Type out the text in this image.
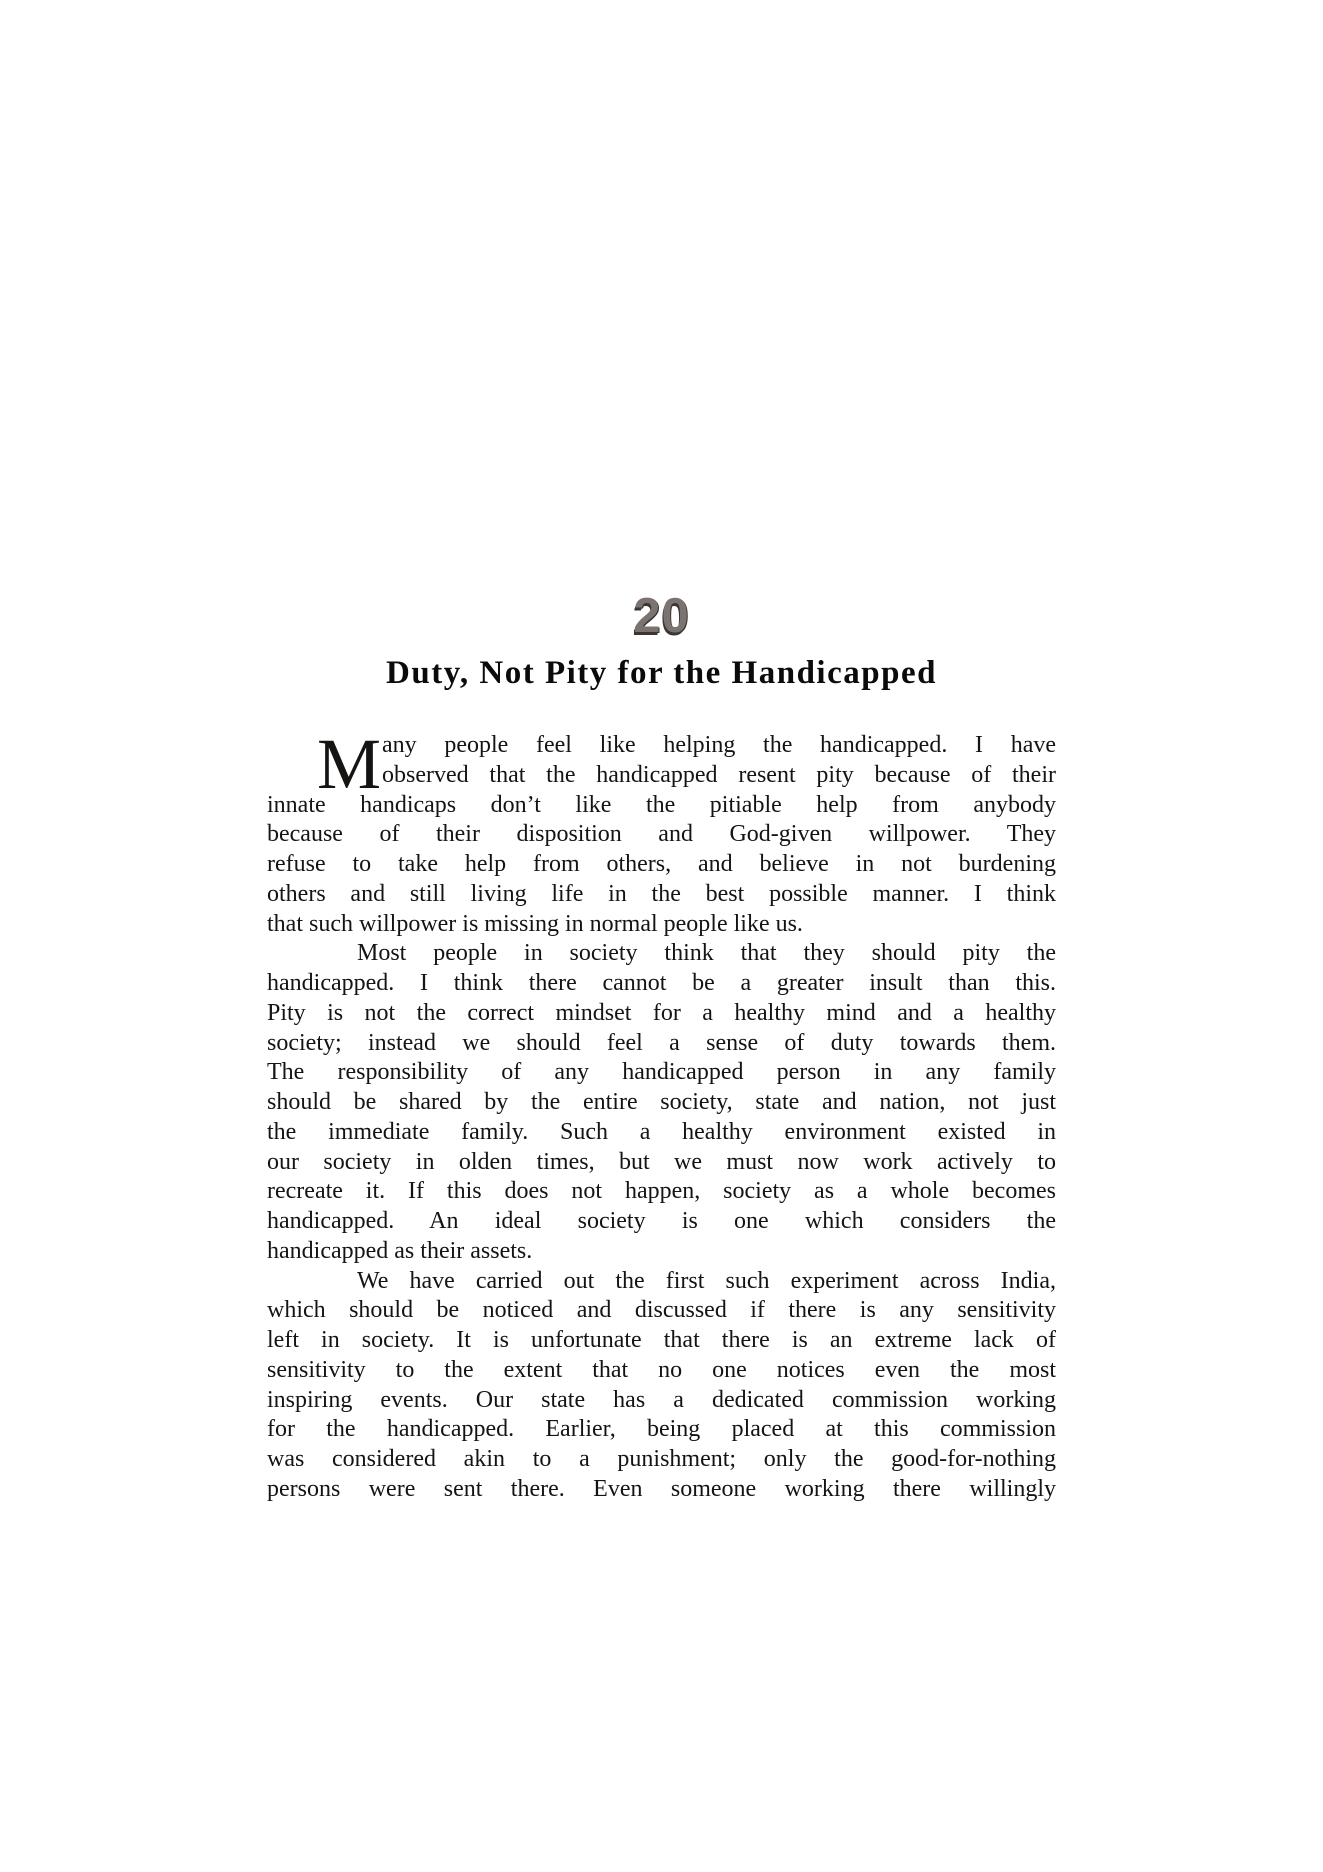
20
Duty, Not Pity for the Handicapped
M any people feel like helping the handicapped. I have
observed that the handicapped resent pity because of their
innate handicaps don’t like the pitiable help from anybody
because of their disposition and God-given willpower. They
refuse to take help from others, and believe in not burdening
others and still living life in the best possible manner. I think
that such willpower is missing in normal people like us.
Most people in society think that they should pity the
handicapped. I think there cannot be a greater insult than this.
Pity is not the correct mindset for a healthy mind and a healthy
society; instead we should feel a sense of duty towards them.
The responsibility of any handicapped person in any family
should be shared by the entire society, state and nation, not just
the immediate family. Such a healthy environment existed in
our society in olden times, but we must now work actively to
recreate it. If this does not happen, society as a whole becomes
handicapped. An ideal society is one which considers the
handicapped as their assets.
We have carried out the first such experiment across India,
which should be noticed and discussed if there is any sensitivity
left in society. It is unfortunate that there is an extreme lack of
sensitivity to the extent that no one notices even the most
inspiring events. Our state has a dedicated commission working
for the handicapped. Earlier, being placed at this commission
was considered akin to a punishment; only the good-for-nothing
persons were sent there. Even someone working there willingly
